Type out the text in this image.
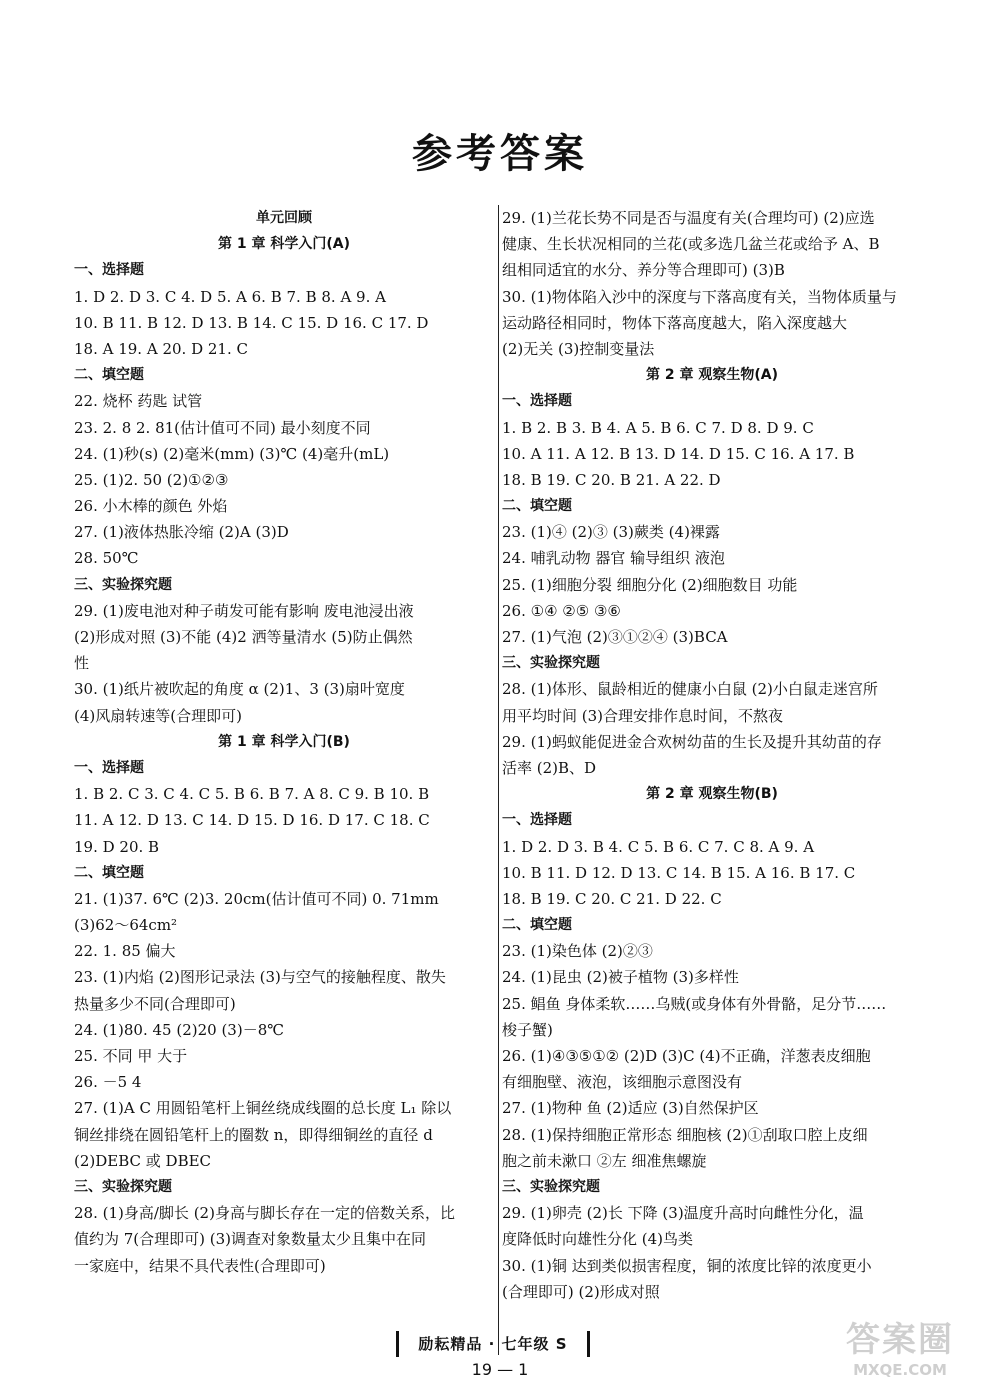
参考答案
单元回顾
第 1 章 科学入门(A)
一、选择题
1. D 2. D 3. C 4. D 5. A 6. B 7. B 8. A 9. A
10. B 11. B 12. D 13. B 14. C 15. D 16. C 17. D
18. A 19. A 20. D 21. C
二、填空题
22. 烧杯 药匙 试管
23. 2. 8 2. 81(估计值可不同) 最小刻度不同
24. (1)秒(s) (2)毫米(mm) (3)℃ (4)毫升(mL)
25. (1)2. 50 (2)①②③
26. 小木棒的颜色 外焰
27. (1)液体热胀冷缩 (2)A (3)D
28. 50℃
三、实验探究题
29. (1)废电池对种子萌发可能有影响 废电池浸出液
(2)形成对照 (3)不能 (4)2 洒等量清水 (5)防止偶然
性
30. (1)纸片被吹起的角度 α (2)1、3 (3)扇叶宽度
(4)风扇转速等(合理即可)
第 1 章 科学入门(B)
一、选择题
1. B 2. C 3. C 4. C 5. B 6. B 7. A 8. C 9. B 10. B
11. A 12. D 13. C 14. D 15. D 16. D 17. C 18. C
19. D 20. B
二、填空题
21. (1)37. 6℃ (2)3. 20cm(估计值可不同) 0. 71mm
(3)62～64cm²
22. 1. 85 偏大
23. (1)内焰 (2)图形记录法 (3)与空气的接触程度、散失
热量多少不同(合理即可)
24. (1)80. 45 (2)20 (3)－8℃
25. 不同 甲 大于
26. －5 4
27. (1)A C 用圆铅笔杆上铜丝绕成线圈的总长度 L₁ 除以
铜丝排绕在圆铅笔杆上的圈数 n，即得细铜丝的直径 d
(2)DEBC 或 DBEC
三、实验探究题
28. (1)身高/脚长 (2)身高与脚长存在一定的倍数关系，比
值约为 7(合理即可) (3)调查对象数量太少且集中在同
一家庭中，结果不具代表性(合理即可)
29. (1)兰花长势不同是否与温度有关(合理均可) (2)应选
健康、生长状况相同的兰花(或多选几盆兰花或给予 A、B
组相同适宜的水分、养分等合理即可) (3)B
30. (1)物体陷入沙中的深度与下落高度有关，当物体质量与
运动路径相同时，物体下落高度越大，陷入深度越大
(2)无关 (3)控制变量法
第 2 章 观察生物(A)
一、选择题
1. B 2. B 3. B 4. A 5. B 6. C 7. D 8. D 9. C
10. A 11. A 12. B 13. D 14. D 15. C 16. A 17. B
18. B 19. C 20. B 21. A 22. D
二、填空题
23. (1)④ (2)③ (3)蕨类 (4)裸露
24. 哺乳动物 器官 输导组织 液泡
25. (1)细胞分裂 细胞分化 (2)细胞数目 功能
26. ①④ ②⑤ ③⑥
27. (1)气泡 (2)③①②④ (3)BCA
三、实验探究题
28. (1)体形、鼠龄相近的健康小白鼠 (2)小白鼠走迷宫所
用平均时间 (3)合理安排作息时间，不熬夜
29. (1)蚂蚁能促进金合欢树幼苗的生长及提升其幼苗的存
活率 (2)B、D
第 2 章 观察生物(B)
一、选择题
1. D 2. D 3. B 4. C 5. B 6. C 7. C 8. A 9. A
10. B 11. D 12. D 13. C 14. B 15. A 16. B 17. C
18. B 19. C 20. C 21. D 22. C
二、填空题
23. (1)染色体 (2)②③
24. (1)昆虫 (2)被子植物 (3)多样性
25. 鲳鱼 身体柔软……乌贼(或身体有外骨骼，足分节……
梭子蟹)
26. (1)④③⑤①② (2)D (3)C (4)不正确，洋葱表皮细胞
有细胞壁、液泡，该细胞示意图没有
27. (1)物种 鱼 (2)适应 (3)自然保护区
28. (1)保持细胞正常形态 细胞核 (2)①刮取口腔上皮细
胞之前未漱口 ②左 细准焦螺旋
三、实验探究题
29. (1)卵壳 (2)长 下降 (3)温度升高时向雌性分化，温
度降低时向雄性分化 (4)鸟类
30. (1)铜 达到类似损害程度，铜的浓度比锌的浓度更小
(合理即可) (2)形成对照
励耘精品 · 七年级 S
19 — 1
答案圈
MXQE.COM
